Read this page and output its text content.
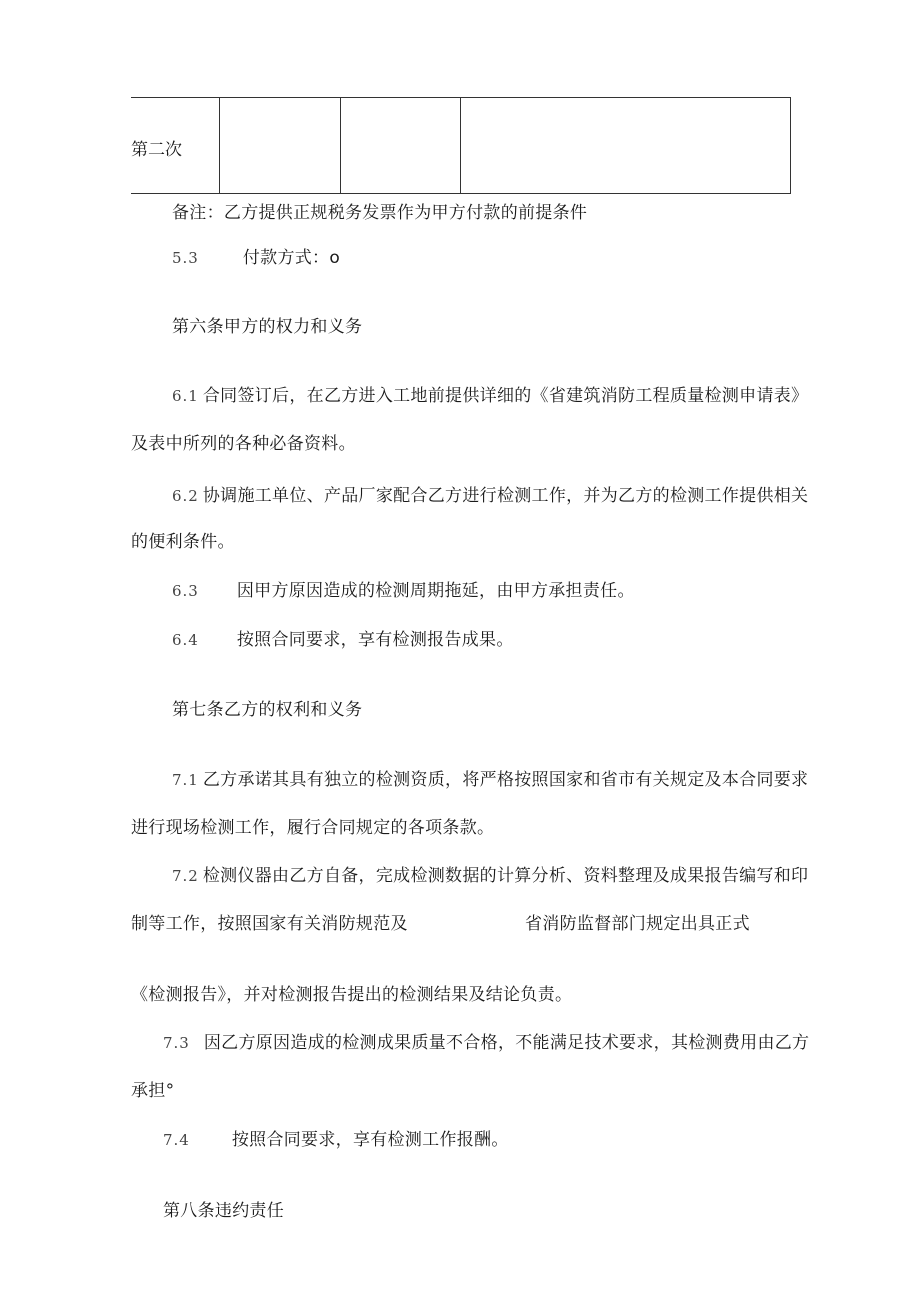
第二次
备注：乙方提供正规税务发票作为甲方付款的前提条件
5.3	付款方式：o
第六条甲方的权力和义务
6.1 合同签订后，在乙方进入工地前提供详细的《省建筑消防工程质量检测申请表》
及表中所列的各种必备资料。
6.2 协调施工单位、产品厂家配合乙方进行检测工作，并为乙方的检测工作提供相关
的便利条件。
6.3 因甲方原因造成的检测周期拖延，由甲方承担责任。
6.4 按照合同要求，享有检测报告成果。
第七条乙方的权利和义务
7.1 乙方承诺其具有独立的检测资质，将严格按照国家和省市有关规定及本合同要求
进行现场检测工作，履行合同规定的各项条款。
7.2 检测仪器由乙方自备，完成检测数据的计算分析、资料整理及成果报告编写和印
制等工作，按照国家有关消防规范及	省消防监督部门规定出具正式
《检测报告》，并对检测报告提出的检测结果及结论负责。
7.3 因乙方原因造成的检测成果质量不合格，不能满足技术要求，其检测费用由乙方
承担°
7.4 按照合同要求，享有检测工作报酬。
第八条违约责任
